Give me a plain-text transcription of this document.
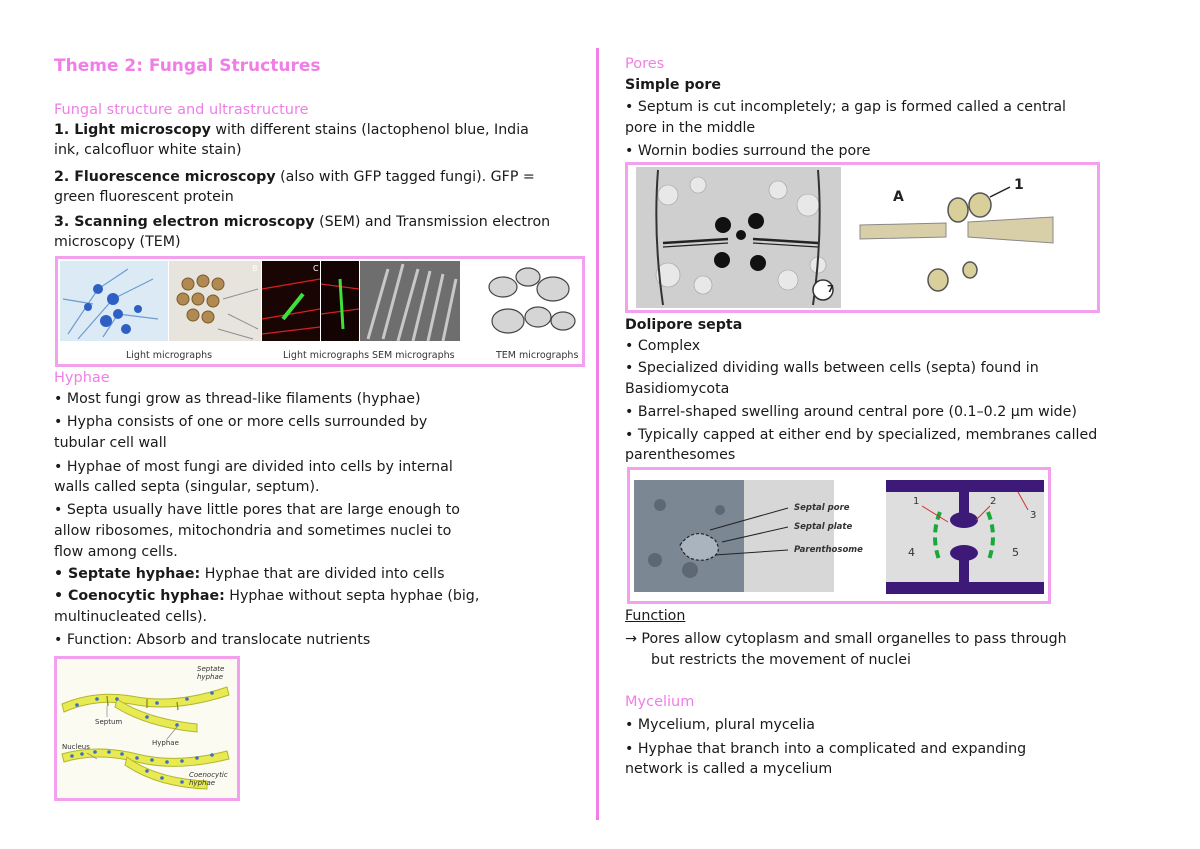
Theme 2: Fungal Structures
Fungal structure and ultrastructure
1. Light microscopy with different stains (lactophenol blue, India
ink, calcofluor white stain)
2. Fluorescence microscopy (also with GFP tagged fungi). GFP =
green fluorescent protein
3. Scanning electron microscopy (SEM) and Transmission electron
microscopy (TEM)
B	C
Light micrographs	Light micrographs SEM micrographs	TEM micrographs
Hyphae
• Most fungi grow as thread-like filaments (hyphae)
• Hypha consists of one or more cells surrounded by
tubular cell wall
• Hyphae of most fungi are divided into cells by internal
walls called septa (singular, septum).
• Septa usually have little pores that are large enough to
allow ribosomes, mitochondria and sometimes nuclei to
flow among cells.
• Septate hyphae: Hyphae that are divided into cells
• Coenocytic hyphae: Hyphae without septa hyphae (big,
multinucleated cells).
• Function: Absorb and translocate nutrients
Septate hyphae
Septum
Hyphae
Nucleus
Coenocytic hyphae
Pores
Simple pore
• Septum is cut incompletely; a gap is formed called a central
pore in the middle
• Wornin bodies surround the pore
A
1
7
Dolipore septa
• Complex
• Specialized dividing walls between cells (septa) found in
Basidiomycota
• Barrel-shaped swelling around central pore (0.1–0.2 µm wide)
• Typically capped at either end by specialized, membranes called
parenthesomes
Septal pore
Septal plate
Parenthosome
1	2
3
4	5
Function
→ Pores allow cytoplasm and small organelles to pass through
but restricts the movement of nuclei
Mycelium
• Mycelium, plural mycelia
• Hyphae that branch into a complicated and expanding
network is called a mycelium
